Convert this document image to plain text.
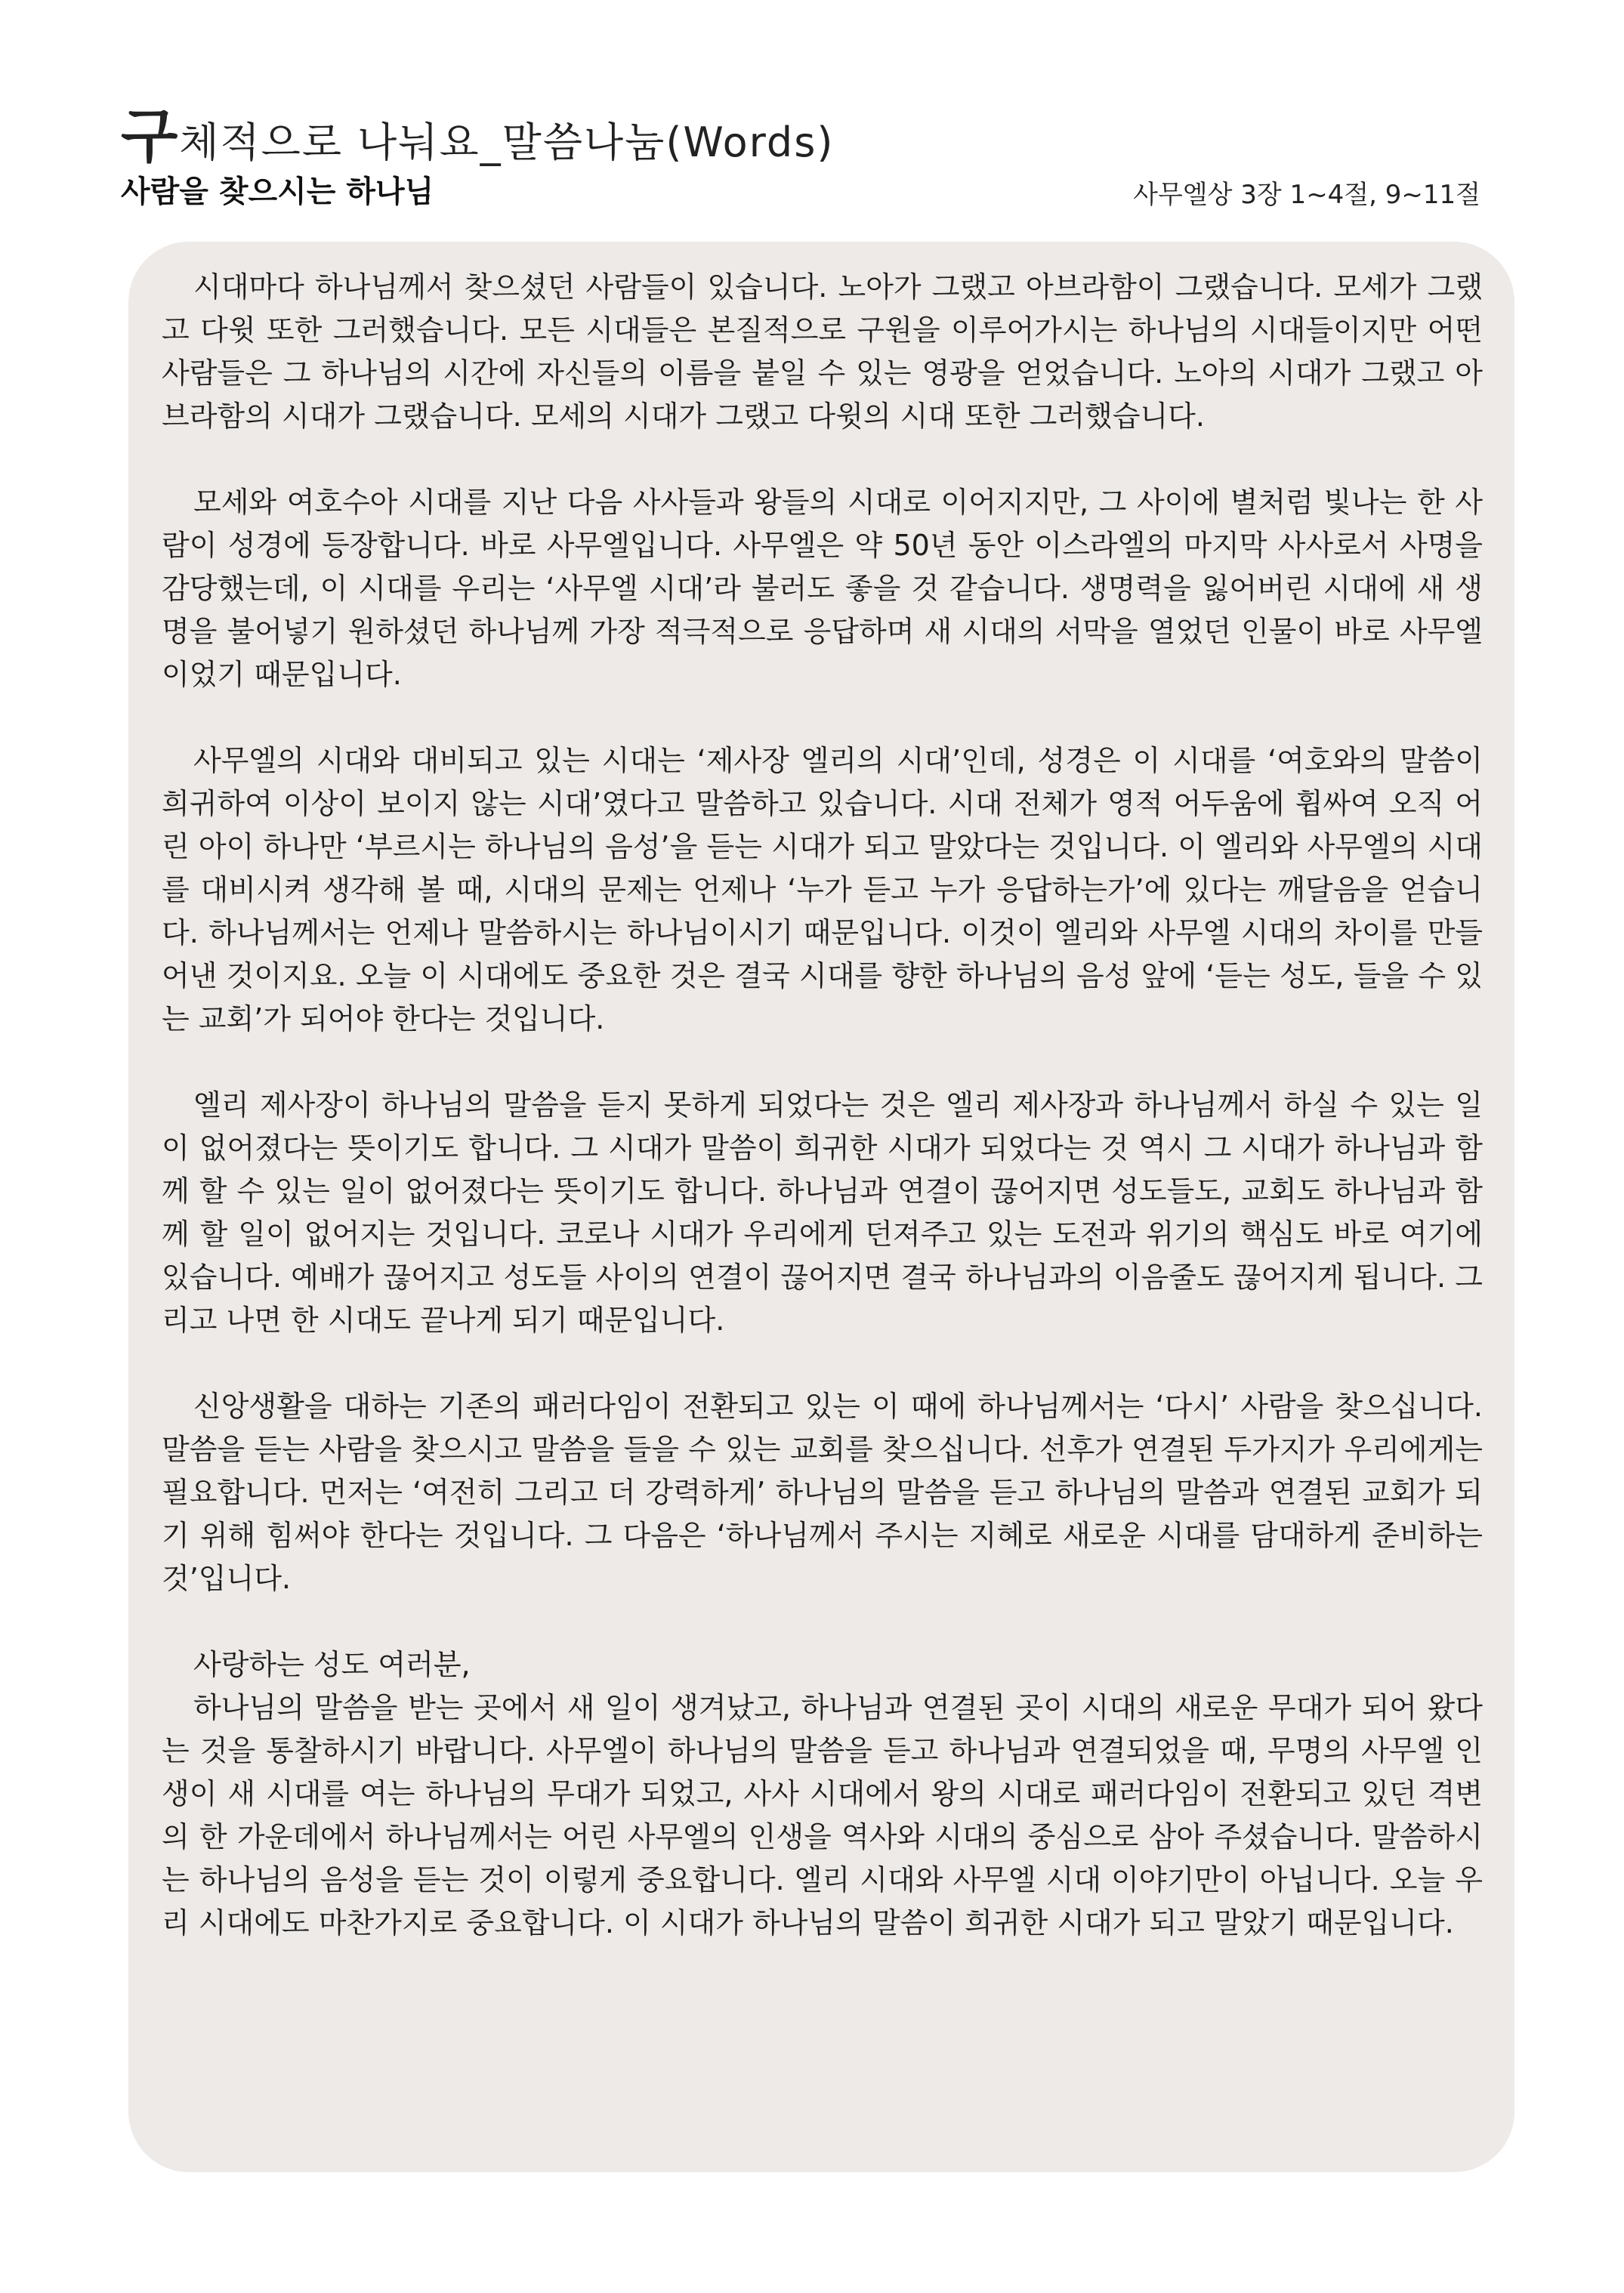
구체적으로 나눠요_말씀나눔(Words)
사람을 찾으시는 하나님	사무엘상 3장 1~4절, 9~11절

시대마다 하나님께서 찾으셨던 사람들이 있습니다. 노아가 그랬고 아브라함이 그랬습니다. 모세가 그랬고 다윗 또한 그러했습니다. 모든 시대들은 본질적으로 구원을 이루어가시는 하나님의 시대들이지만 어떤 사람들은 그 하나님의 시간에 자신들의 이름을 붙일 수 있는 영광을 얻었습니다. 노아의 시대가 그랬고 아브라함의 시대가 그랬습니다. 모세의 시대가 그랬고 다윗의 시대 또한 그러했습니다.

모세와 여호수아 시대를 지난 다음 사사들과 왕들의 시대로 이어지지만, 그 사이에 별처럼 빛나는 한 사람이 성경에 등장합니다. 바로 사무엘입니다. 사무엘은 약 50년 동안 이스라엘의 마지막 사사로서 사명을 감당했는데, 이 시대를 우리는 ‘사무엘 시대’라 불러도 좋을 것 같습니다. 생명력을 잃어버린 시대에 새 생명을 불어넣기 원하셨던 하나님께 가장 적극적으로 응답하며 새 시대의 서막을 열었던 인물이 바로 사무엘이었기 때문입니다.

사무엘의 시대와 대비되고 있는 시대는 ‘제사장 엘리의 시대’인데, 성경은 이 시대를 ‘여호와의 말씀이 희귀하여 이상이 보이지 않는 시대’였다고 말씀하고 있습니다. 시대 전체가 영적 어두움에 휩싸여 오직 어린 아이 하나만 ‘부르시는 하나님의 음성’을 듣는 시대가 되고 말았다는 것입니다. 이 엘리와 사무엘의 시대를 대비시켜 생각해 볼 때, 시대의 문제는 언제나 ‘누가 듣고 누가 응답하는가’에 있다는 깨달음을 얻습니다. 하나님께서는 언제나 말씀하시는 하나님이시기 때문입니다. 이것이 엘리와 사무엘 시대의 차이를 만들어낸 것이지요. 오늘 이 시대에도 중요한 것은 결국 시대를 향한 하나님의 음성 앞에 ‘듣는 성도, 들을 수 있는 교회’가 되어야 한다는 것입니다.

엘리 제사장이 하나님의 말씀을 듣지 못하게 되었다는 것은 엘리 제사장과 하나님께서 하실 수 있는 일이 없어졌다는 뜻이기도 합니다. 그 시대가 말씀이 희귀한 시대가 되었다는 것 역시 그 시대가 하나님과 함께 할 수 있는 일이 없어졌다는 뜻이기도 합니다. 하나님과 연결이 끊어지면 성도들도, 교회도 하나님과 함께 할 일이 없어지는 것입니다. 코로나 시대가 우리에게 던져주고 있는 도전과 위기의 핵심도 바로 여기에 있습니다. 예배가 끊어지고 성도들 사이의 연결이 끊어지면 결국 하나님과의 이음줄도 끊어지게 됩니다. 그리고 나면 한 시대도 끝나게 되기 때문입니다.

신앙생활을 대하는 기존의 패러다임이 전환되고 있는 이 때에 하나님께서는 ‘다시’ 사람을 찾으십니다. 말씀을 듣는 사람을 찾으시고 말씀을 들을 수 있는 교회를 찾으십니다. 선후가 연결된 두가지가 우리에게는 필요합니다. 먼저는 ‘여전히 그리고 더 강력하게’ 하나님의 말씀을 듣고 하나님의 말씀과 연결된 교회가 되기 위해 힘써야 한다는 것입니다. 그 다음은 ‘하나님께서 주시는 지혜로 새로운 시대를 담대하게 준비하는 것’입니다.

사랑하는 성도 여러분,

하나님의 말씀을 받는 곳에서 새 일이 생겨났고, 하나님과 연결된 곳이 시대의 새로운 무대가 되어 왔다는 것을 통찰하시기 바랍니다. 사무엘이 하나님의 말씀을 듣고 하나님과 연결되었을 때, 무명의 사무엘 인생이 새 시대를 여는 하나님의 무대가 되었고, 사사 시대에서 왕의 시대로 패러다임이 전환되고 있던 격변의 한 가운데에서 하나님께서는 어린 사무엘의 인생을 역사와 시대의 중심으로 삼아 주셨습니다. 말씀하시는 하나님의 음성을 듣는 것이 이렇게 중요합니다. 엘리 시대와 사무엘 시대 이야기만이 아닙니다. 오늘 우리 시대에도 마찬가지로 중요합니다. 이 시대가 하나님의 말씀이 희귀한 시대가 되고 말았기 때문입니다.
